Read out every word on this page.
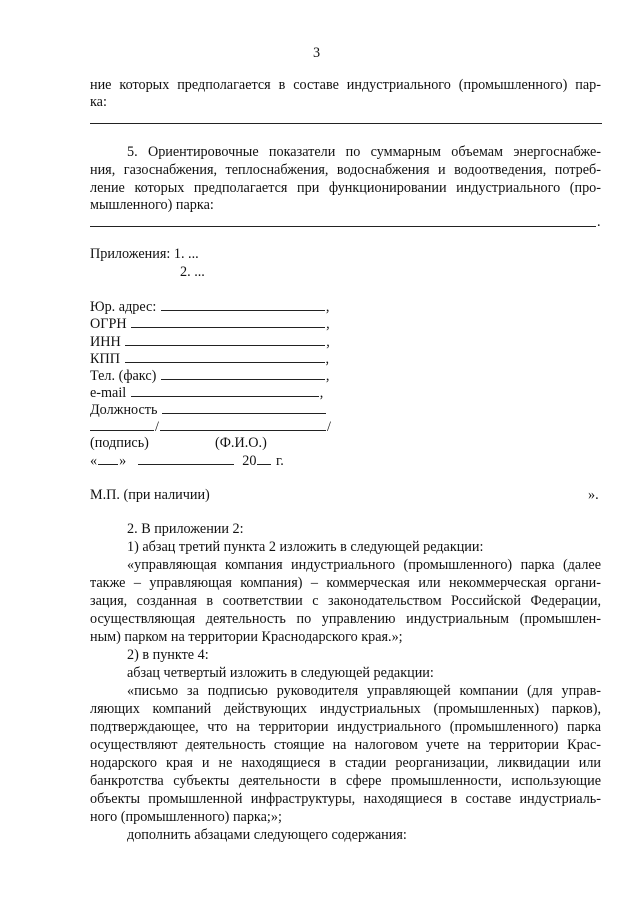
3
ние которых предполагается в составе индустриального (промышленного) пар-
ка:
5. Ориентировочные показатели по суммарным объемам энергоснабже-
ния, газоснабжения, теплоснабжения, водоснабжения и водоотведения, потреб-
ление которых предполагается при функционировании индустриального (про-
мышленного) парка:
.
Приложения: 1. ...
2. ...
Юр. адрес:	,
ОГРН	,
ИНН	,
КПП	,
Тел. (факс)	,
e-mail	,
Должность
/	/
(подпись)	(Ф.И.О.)
« »	20 г.
М.П. (при наличии)	».
2. В приложении 2:
1) абзац третий пункта 2 изложить в следующей редакции:
«управляющая компания индустриального (промышленного) парка (далее
также – управляющая компания) – коммерческая или некоммерческая органи-
зация, созданная в соответствии с законодательством Российской Федерации,
осуществляющая деятельность по управлению индустриальным (промышлен-
ным) парком на территории Краснодарского края.»;
2) в пункте 4:
абзац четвертый изложить в следующей редакции:
«письмо за подписью руководителя управляющей компании (для управ-
ляющих компаний действующих индустриальных (промышленных) парков),
подтверждающее, что на территории индустриального (промышленного) парка
осуществляют деятельность стоящие на налоговом учете на территории Крас-
нодарского края и не находящиеся в стадии реорганизации, ликвидации или
банкротства субъекты деятельности в сфере промышленности, использующие
объекты промышленной инфраструктуры, находящиеся в составе индустриаль-
ного (промышленного) парка;»;
дополнить абзацами следующего содержания:
